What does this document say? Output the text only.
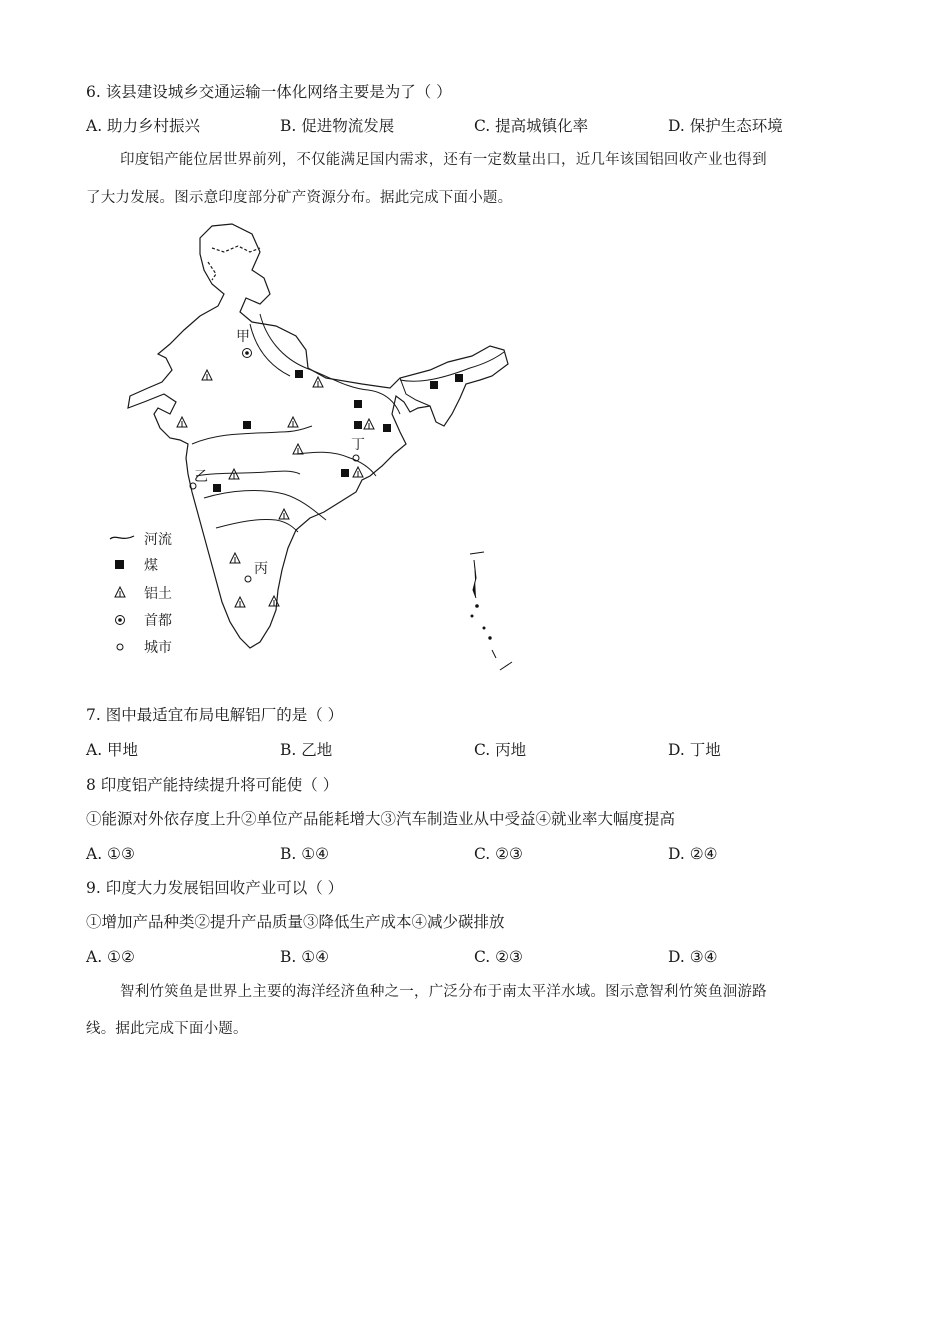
6. 该县建设城乡交通运输一体化网络主要是为了（ ）
A. 助力乡村振兴	B. 促进物流发展	C. 提高城镇化率	D. 保护生态环境
印度铝产能位居世界前列，不仅能满足国内需求，还有一定数量出口，近几年该国铝回收产业也得到
了大力发展。图示意印度部分矿产资源分布。据此完成下面小题。
甲
乙
丙
丁
河流
煤
铝土
首都
城市
7. 图中最适宜布局电解铝厂的是（ ）
A. 甲地	B. 乙地	C. 丙地	D. 丁地
8 印度铝产能持续提升将可能使（ ）
①能源对外依存度上升②单位产品能耗增大③汽车制造业从中受益④就业率大幅度提高
A. ①③	B. ①④	C. ②③	D. ②④
9. 印度大力发展铝回收产业可以（ ）
①增加产品种类②提升产品质量③降低生产成本④减少碳排放
A. ①②	B. ①④	C. ②③	D. ③④
智利竹筴鱼是世界上主要的海洋经济鱼种之一，广泛分布于南太平洋水域。图示意智利竹筴鱼洄游路
线。据此完成下面小题。
